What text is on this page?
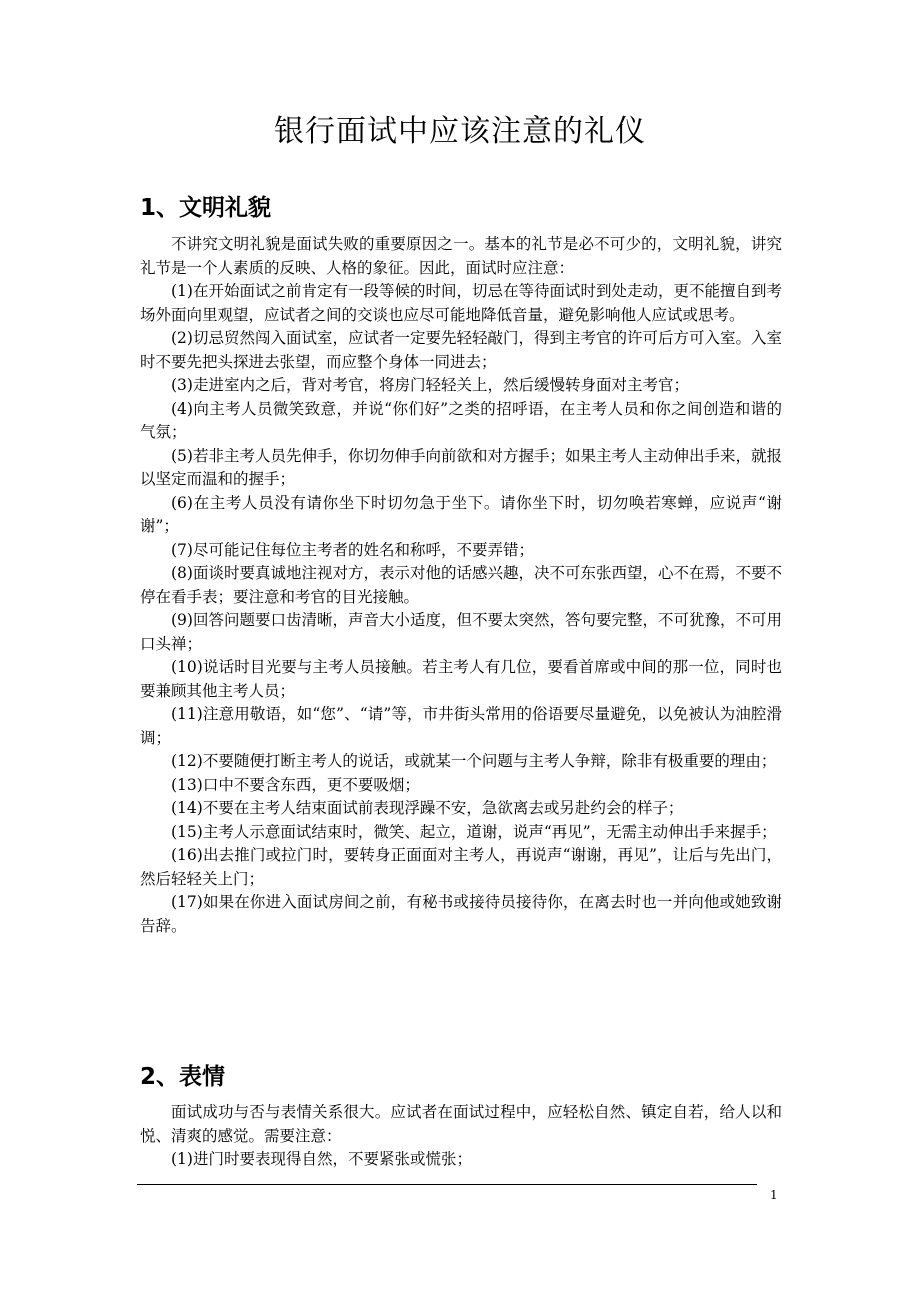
银行面试中应该注意的礼仪
1、文明礼貌

不讲究文明礼貌是面试失败的重要原因之一。基本的礼节是必不可少的，文明礼貌，讲究礼节是一个人素质的反映、人格的象征。因此，面试时应注意：

(1)在开始面试之前肯定有一段等候的时间，切忌在等待面试时到处走动，更不能擅自到考场外面向里观望，应试者之间的交谈也应尽可能地降低音量，避免影响他人应试或思考。

(2)切忌贸然闯入面试室，应试者一定要先轻轻敲门，得到主考官的许可后方可入室。入室时不要先把头探进去张望，而应整个身体一同进去；

(3)走进室内之后，背对考官，将房门轻轻关上，然后缓慢转身面对主考官；

(4)向主考人员微笑致意，并说“你们好”之类的招呼语，在主考人员和你之间创造和谐的气氛；

(5)若非主考人员先伸手，你切勿伸手向前欲和对方握手；如果主考人主动伸出手来，就报以坚定而温和的握手；

(6)在主考人员没有请你坐下时切勿急于坐下。请你坐下时，切勿唤若寒蝉，应说声“谢谢”；

(7)尽可能记住每位主考者的姓名和称呼，不要弄错；

(8)面谈时要真诚地注视对方，表示对他的话感兴趣，决不可东张西望，心不在焉，不要不停在看手表；要注意和考官的目光接触。

(9)回答问题要口齿清晰，声音大小适度，但不要太突然，答句要完整，不可犹豫，不可用口头禅；

(10)说话时目光要与主考人员接触。若主考人有几位，要看首席或中间的那一位，同时也要兼顾其他主考人员；

(11)注意用敬语，如“您”、“请”等，市井街头常用的俗语要尽量避免，以免被认为油腔滑调；

(12)不要随便打断主考人的说话，或就某一个问题与主考人争辩，除非有极重要的理由；

(13)口中不要含东西，更不要吸烟；

(14)不要在主考人结束面试前表现浮躁不安，急欲离去或另赴约会的样子；

(15)主考人示意面试结束时，微笑、起立，道谢，说声“再见”，无需主动伸出手来握手；

(16)出去推门或拉门时，要转身正面面对主考人，再说声“谢谢，再见”，让后与先出门，然后轻轻关上门；

(17)如果在你进入面试房间之前，有秘书或接待员接待你，在离去时也一并向他或她致谢告辞。

2、表情

面试成功与否与表情关系很大。应试者在面试过程中，应轻松自然、镇定自若，给人以和悦、清爽的感觉。需要注意：

(1)进门时要表现得自然，不要紧张或慌张；

1
